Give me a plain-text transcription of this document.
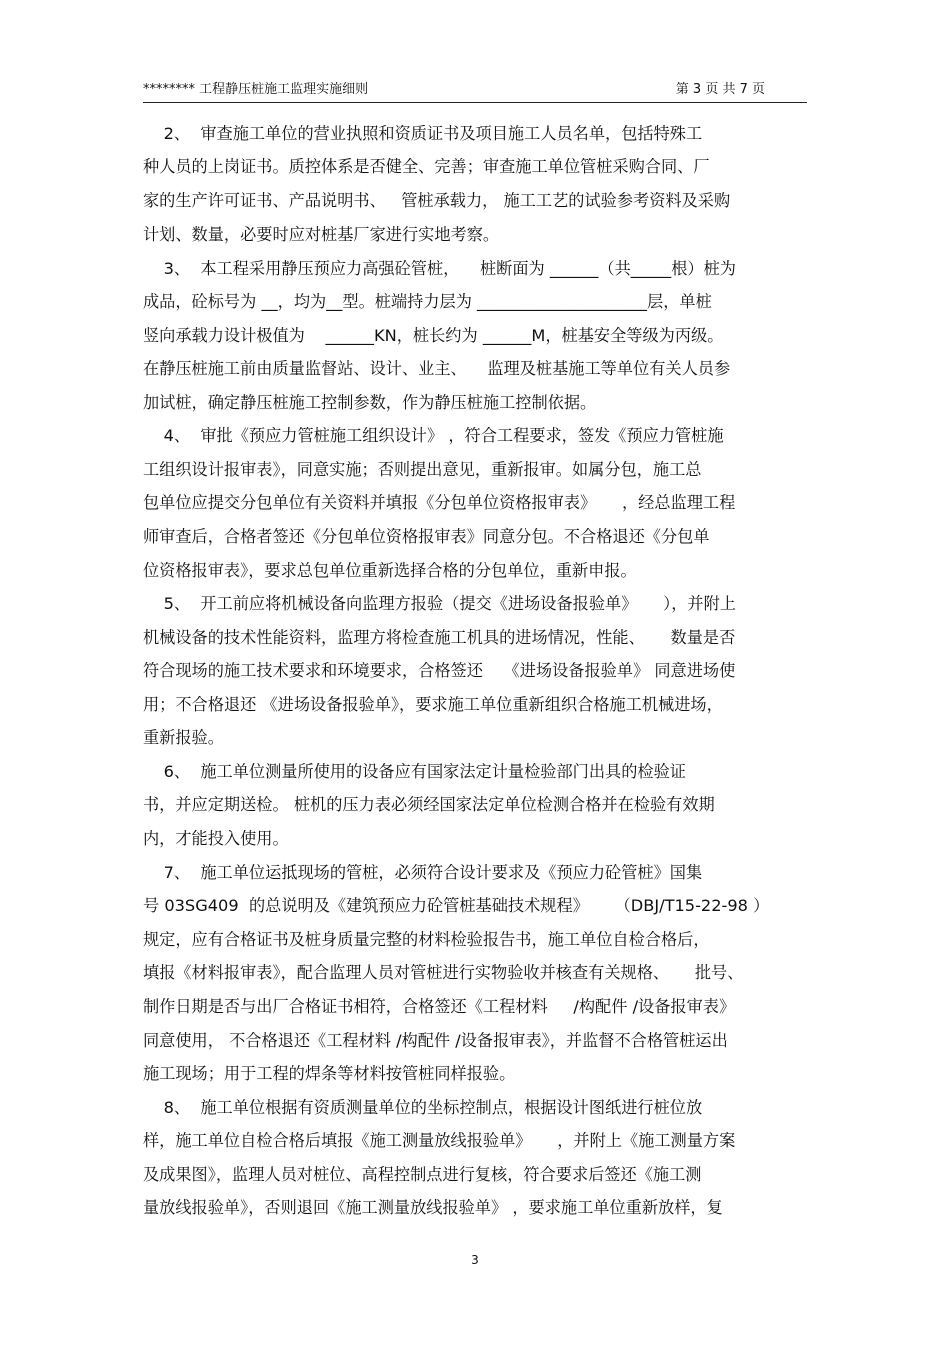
******** 工程静压桩施工监理实施细则	第 3 页 共 7 页
2、  审查施工单位的营业执照和资质证书及项目施工人员名单，包括特殊工
种人员的上岗证书。质控体系是否健全、完善；审查施工单位管桩采购合同、厂
家的生产许可证书、产品说明书、   管桩承载力， 施工工艺的试验参考资料及采购
计划、数量，必要时应对桩基厂家进行实地考察。
3、  本工程采用静压预应力高强砼管桩，    桩断面为 ______（共_____根）桩为
成品，砼标号为 __，均为__型。桩端持力层为 _____________________层，单桩
竖向承载力设计极值为    ______KN，桩长约为 ______M，桩基安全等级为丙级。
在静压桩施工前由质量监督站、设计、业主、    监理及桩基施工等单位有关人员参
加试桩，确定静压桩施工控制参数，作为静压桩施工控制依据。
4、  审批《预应力管桩施工组织设计》 ，符合工程要求，签发《预应力管桩施
工组织设计报审表》，同意实施；否则提出意见，重新报审。如属分包，施工总
包单位应提交分包单位有关资料并填报《分包单位资格报审表》     ，经总监理工程
师审查后，合格者签还《分包单位资格报审表》同意分包。不合格退还《分包单
位资格报审表》，要求总包单位重新选择合格的分包单位，重新申报。
5、  开工前应将机械设备向监理方报验（提交《进场设备报验单》     ），并附上
机械设备的技术性能资料，监理方将检查施工机具的进场情况，性能、     数量是否
符合现场的施工技术要求和环境要求，合格签还    《进场设备报验单》 同意进场使
用；不合格退还 《进场设备报验单》，要求施工单位重新组织合格施工机械进场，
重新报验。
6、  施工单位测量所使用的设备应有国家法定计量检验部门出具的检验证
书，并应定期送检。 桩机的压力表必须经国家法定单位检测合格并在检验有效期
内，才能投入使用。
7、  施工单位运抵现场的管桩，必须符合设计要求及《预应力砼管桩》国集
号 03SG409  的总说明及《建筑预应力砼管桩基础技术规程》     （DBJ/T15-22-98 ）
规定，应有合格证书及桩身质量完整的材料检验报告书，施工单位自检合格后，
填报《材料报审表》，配合监理人员对管桩进行实物验收并核查有关规格、     批号、
制作日期是否与出厂合格证书相符，合格签还《工程材料     /构配件 /设备报审表》
同意使用， 不合格退还《工程材料 /构配件 /设备报审表》，并监督不合格管桩运出
施工现场；用于工程的焊条等材料按管桩同样报验。
8、  施工单位根据有资质测量单位的坐标控制点，根据设计图纸进行桩位放
样，施工单位自检合格后填报《施工测量放线报验单》     ，并附上《施工测量方案
及成果图》，监理人员对桩位、高程控制点进行复核，符合要求后签还《施工测
量放线报验单》，否则退回《施工测量放线报验单》 ，要求施工单位重新放样，复
3
